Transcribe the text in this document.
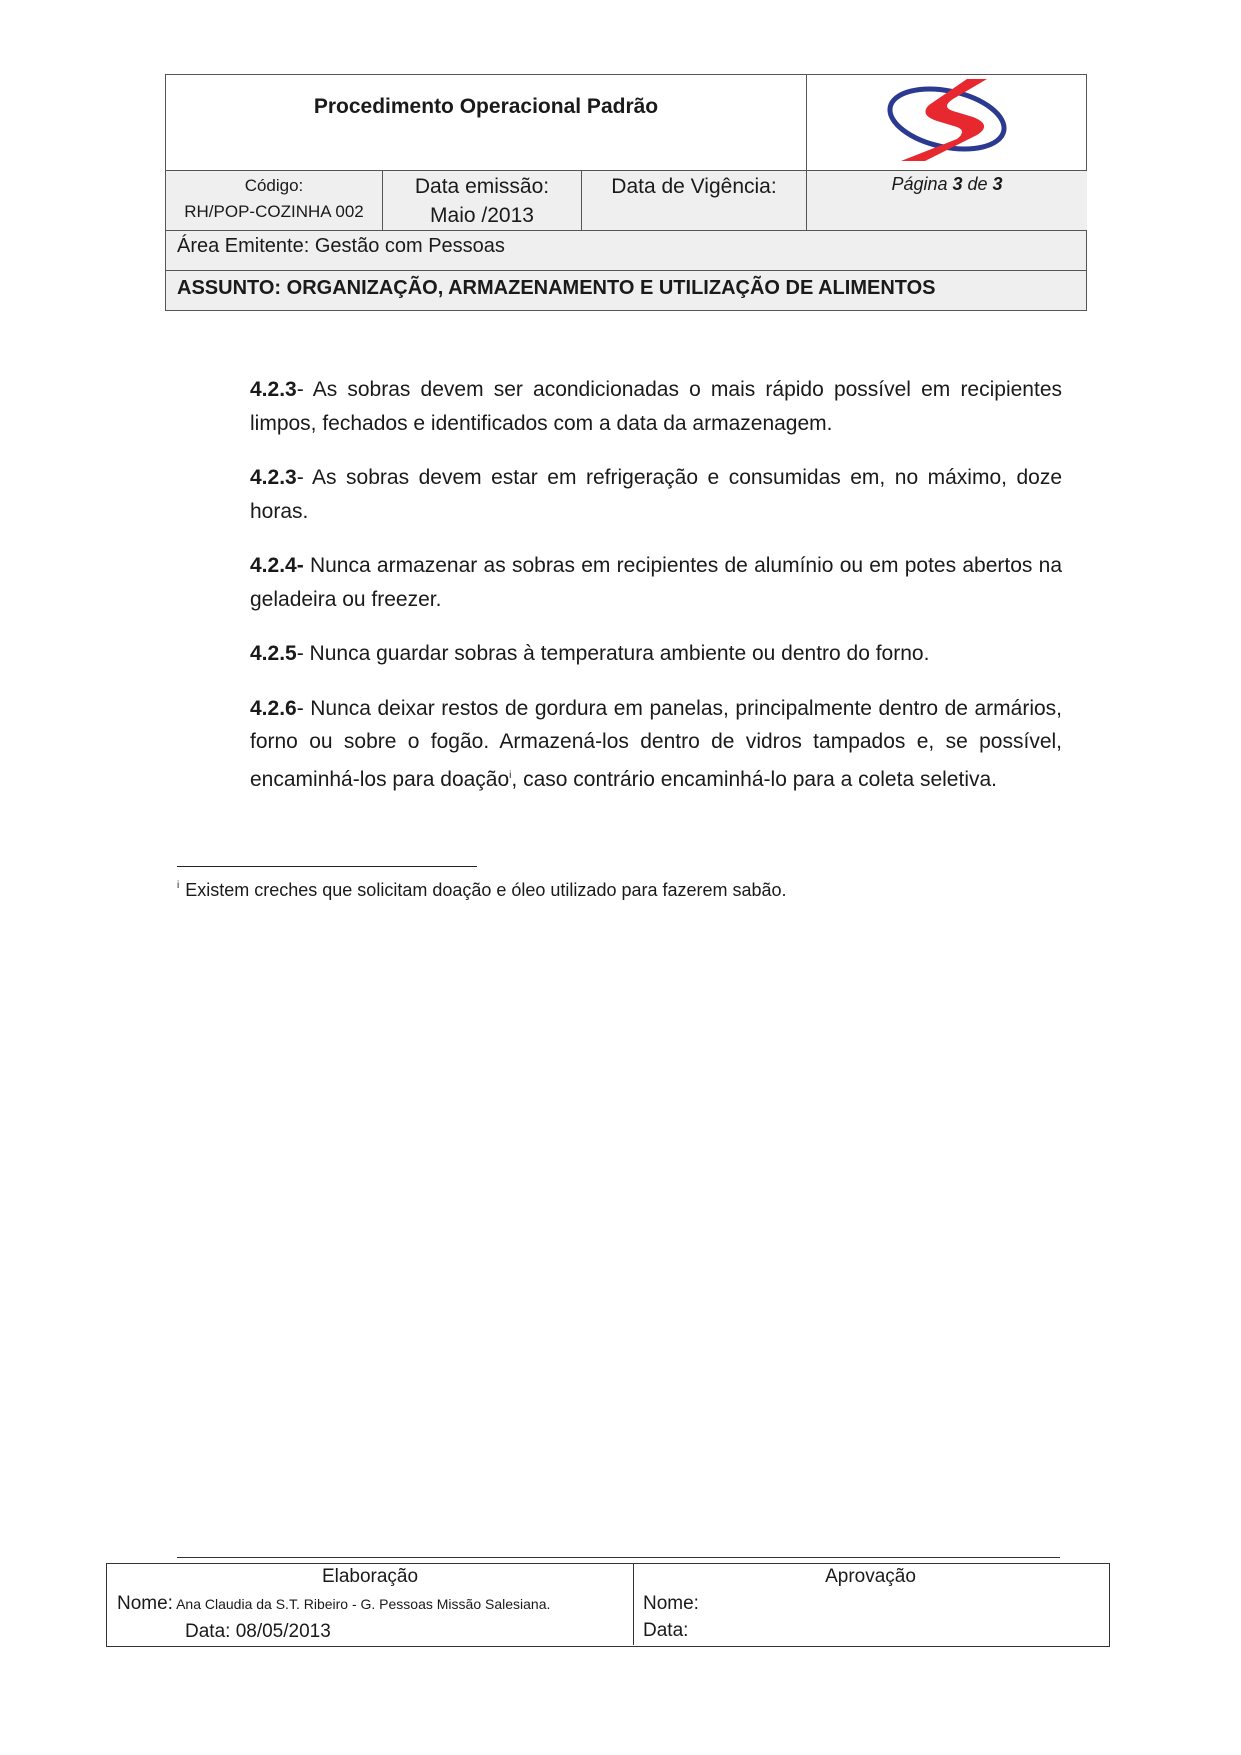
Procedimento Operacional Padrão
Código:
RH/POP-COZINHA 002
Data emissão:
Maio /2013
Data de Vigência:	Página 3 de 3
Área Emitente: Gestão com Pessoas
ASSUNTO: ORGANIZAÇÃO, ARMAZENAMENTO E UTILIZAÇÃO DE ALIMENTOS

4.2.3- As sobras devem ser acondicionadas o mais rápido possível em recipientes limpos, fechados e identificados com a data da armazenagem.

4.2.3- As sobras devem estar em refrigeração e consumidas em, no máximo, doze horas.

4.2.4- Nunca armazenar as sobras em recipientes de alumínio ou em potes abertos na geladeira ou freezer.

4.2.5- Nunca guardar sobras à temperatura ambiente ou dentro do forno.

4.2.6- Nunca deixar restos de gordura em panelas, principalmente dentro de armários, forno ou sobre o fogão. Armazená-los dentro de vidros tampados e, se possível, encaminhá-los para doação$^i$, caso contrário encaminhá-lo para a coleta seletiva.

$^i$ Existem creches que solicitam doação e óleo utilizado para fazerem sabão.
Elaboração
Nome: Ana Claudia da S.T. Ribeiro - G. Pessoas Missão Salesiana.
Data: 08/05/2013
Aprovação
Nome:
Data:
